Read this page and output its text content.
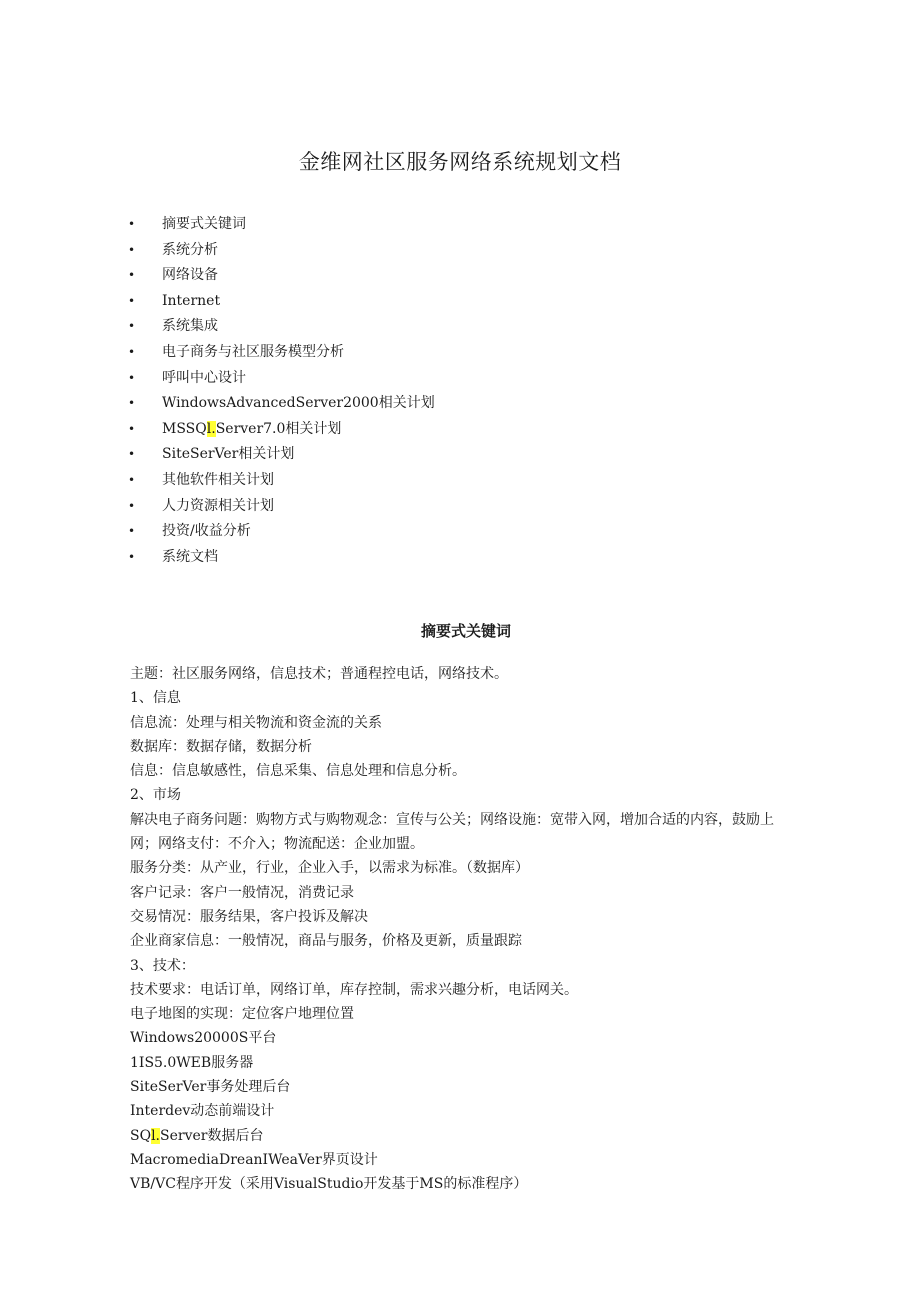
金维网社区服务网络系统规划文档
• 摘要式关键词
• 系统分析
• 网络设备
• Internet
• 系统集成
• 电子商务与社区服务模型分析
• 呼叫中心设计
• WindowsAdvancedServer2000相关计划
• MSSQl.Server7.0相关计划
• SiteSerVer相关计划
• 其他软件相关计划
• 人力资源相关计划
• 投资/收益分析
• 系统文档
摘要式关键词

主题：社区服务网络，信息技术；普通程控电话，网络技术。

1、信息

信息流：处理与相关物流和资金流的关系

数据库：数据存储，数据分析

信息：信息敏感性，信息采集、信息处理和信息分析。

2、市场

解决电子商务问题：购物方式与购物观念：宣传与公关；网络设施：宽带入网，增加合适的内容，鼓励上网；网络支付：不介入；物流配送：企业加盟。

服务分类：从产业，行业，企业入手，以需求为标准。（数据库）

客户记录：客户一般情况，消费记录

交易情况：服务结果，客户投诉及解决

企业商家信息：一般情况，商品与服务，价格及更新，质量跟踪

3、技术：

技术要求：电话订单，网络订单，库存控制，需求兴趣分析，电话网关。

电子地图的实现：定位客户地理位置

Windows20000S平台

1IS5.0WEB服务器

SiteSerVer事务处理后台

Interdev动态前端设计

SQl.Server数据后台

MacromediaDreanIWeaVer界页设计

VB/VC程序开发（采用VisualStudio开发基于MS的标准程序）
